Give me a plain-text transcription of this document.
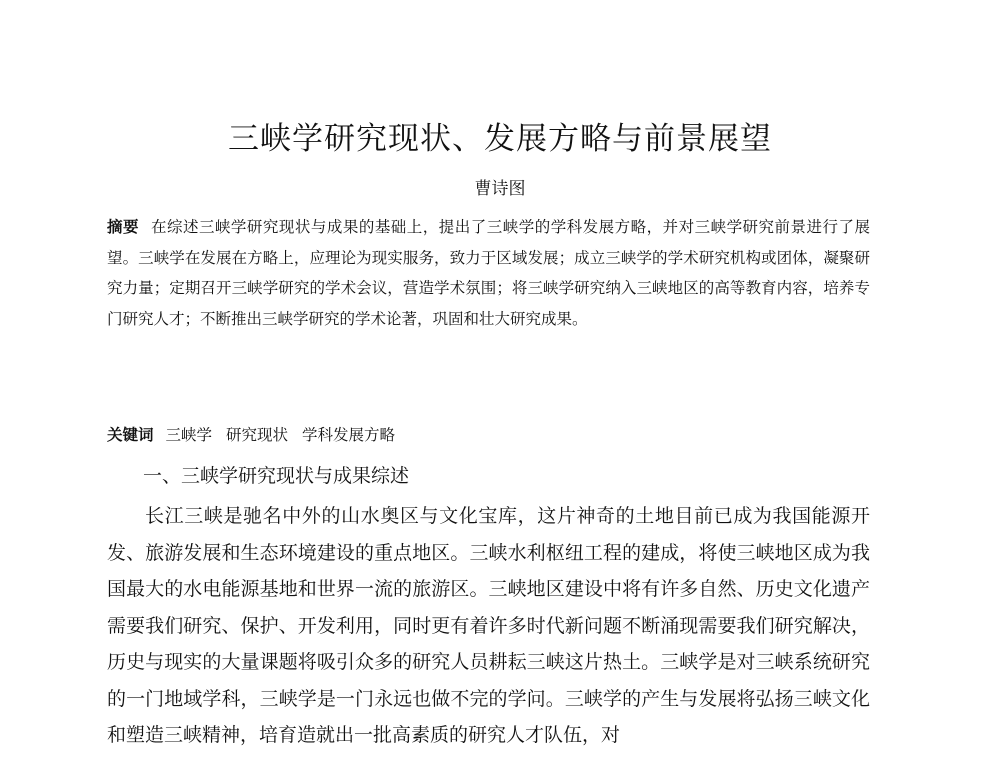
三峡学研究现状、发展方略与前景展望

曹诗图

摘要 在综述三峡学研究现状与成果的基础上，提出了三峡学的学科发展方略，并对三峡学研究前景进行了展望。三峡学在发展在方略上，应理论为现实服务，致力于区域发展；成立三峡学的学术研究机构或团体，凝聚研究力量；定期召开三峡学研究的学术会议，营造学术氛围；将三峡学研究纳入三峡地区的高等教育内容，培养专门研究人才；不断推出三峡学研究的学术论著，巩固和壮大研究成果。

关键词 三峡学 研究现状 学科发展方略

一、三峡学研究现状与成果综述

长江三峡是驰名中外的山水奥区与文化宝库，这片神奇的土地目前已成为我国能源开发、旅游发展和生态环境建设的重点地区。三峡水利枢纽工程的建成，将使三峡地区成为我国最大的水电能源基地和世界一流的旅游区。三峡地区建设中将有许多自然、历史文化遗产需要我们研究、保护、开发利用，同时更有着许多时代新问题不断涌现需要我们研究解决，历史与现实的大量课题将吸引众多的研究人员耕耘三峡这片热土。三峡学是对三峡系统研究的一门地域学科，三峡学是一门永远也做不完的学问。三峡学的产生与发展将弘扬三峡文化和塑造三峡精神，培育造就出一批高素质的研究人才队伍，对
